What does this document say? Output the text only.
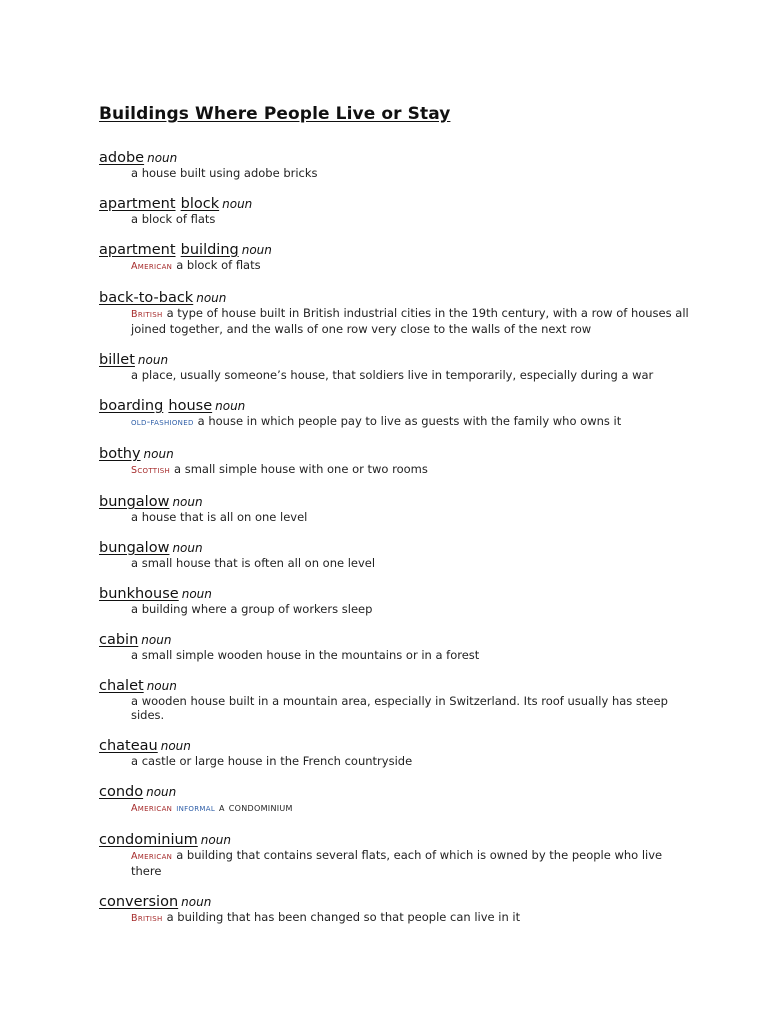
Buildings Where People Live or Stay
adobe noun
a house built using adobe bricks
apartment block noun
a block of flats
apartment building noun
American a block of flats
back-to-back noun
British a type of house built in British industrial cities in the 19th century, with a row of houses all joined together, and the walls of one row very close to the walls of the next row
billet noun
a place, usually someone’s house, that soldiers live in temporarily, especially during a war
boarding house noun
old-fashioned a house in which people pay to live as guests with the family who owns it
bothy noun
Scottish a small simple house with one or two rooms
bungalow noun
a house that is all on one level
bungalow noun
a small house that is often all on one level
bunkhouse noun
a building where a group of workers sleep
cabin noun
a small simple wooden house in the mountains or in a forest
chalet noun
a wooden house built in a mountain area, especially in Switzerland. Its roof usually has steep sides.
chateau noun
a castle or large house in the French countryside
condo noun
American informal a condominium
condominium noun
American a building that contains several flats, each of which is owned by the people who live there
conversion noun
British a building that has been changed so that people can live in it
